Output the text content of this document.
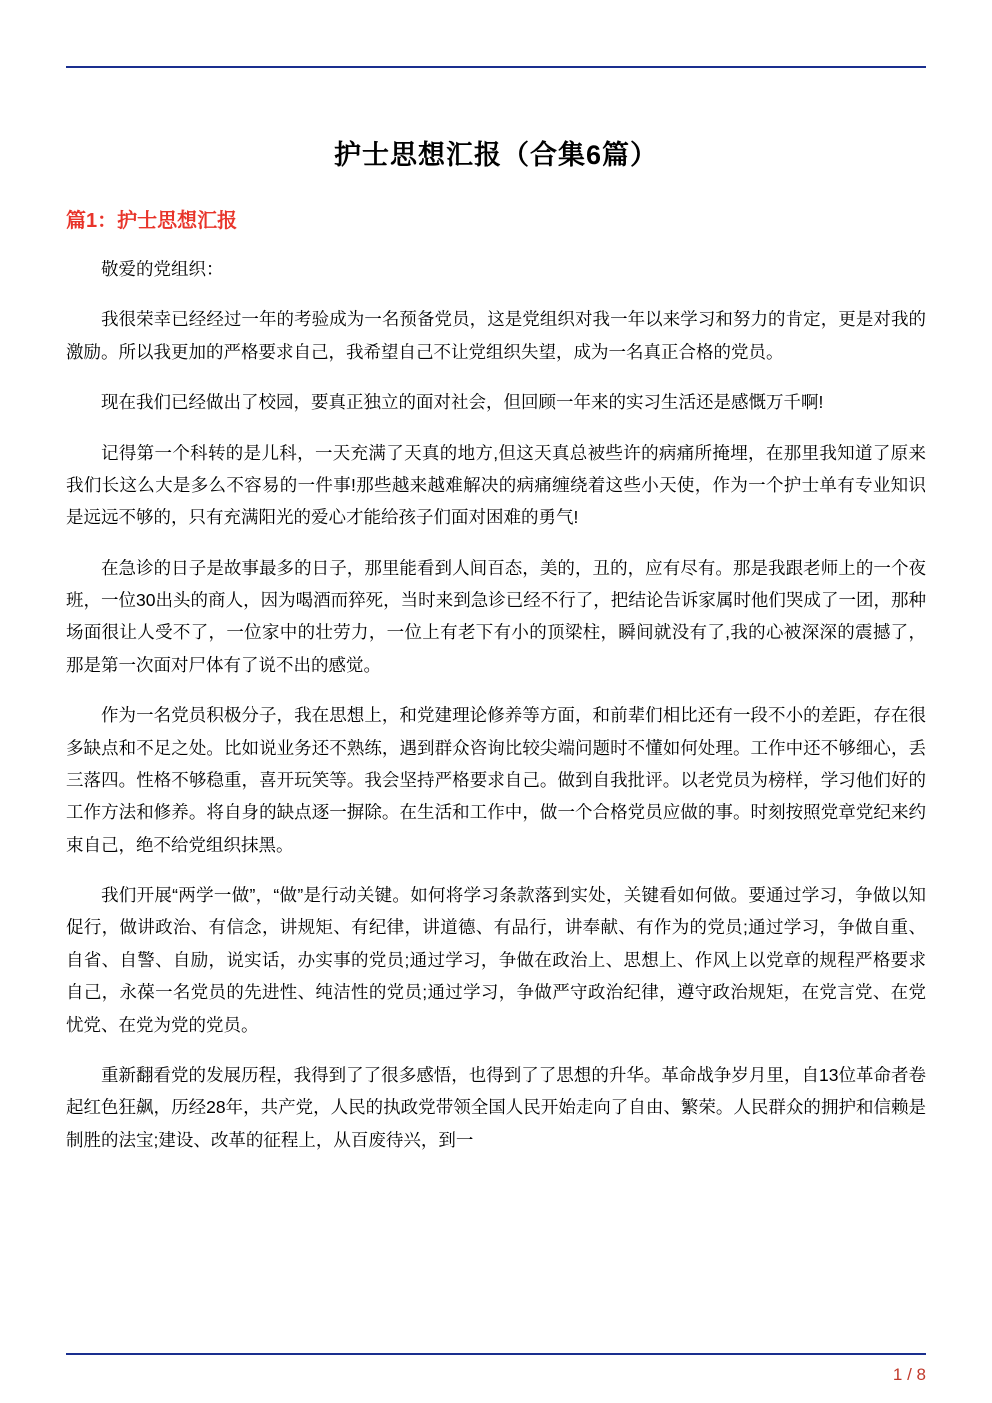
护士思想汇报（合集6篇）
篇1：护士思想汇报

敬爱的党组织：

我很荣幸已经经过一年的考验成为一名预备党员，这是党组织对我一年以来学习和努力的肯定，更是对我的激励。所以我更加的严格要求自己，我希望自己不让党组织失望，成为一名真正合格的党员。

现在我们已经做出了校园，要真正独立的面对社会，但回顾一年来的实习生活还是感慨万千啊!

记得第一个科转的是儿科，一天充满了天真的地方,但这天真总被些许的病痛所掩埋，在那里我知道了原来我们长这么大是多么不容易的一件事!那些越来越难解决的病痛缠绕着这些小天使，作为一个护士单有专业知识是远远不够的，只有充满阳光的爱心才能给孩子们面对困难的勇气!

在急诊的日子是故事最多的日子，那里能看到人间百态，美的，丑的，应有尽有。那是我跟老师上的一个夜班，一位30出头的商人，因为喝酒而猝死，当时来到急诊已经不行了，把结论告诉家属时他们哭成了一团，那种场面很让人受不了，一位家中的壮劳力，一位上有老下有小的顶梁柱，瞬间就没有了,我的心被深深的震撼了，那是第一次面对尸体有了说不出的感觉。

作为一名党员积极分子，我在思想上，和党建理论修养等方面，和前辈们相比还有一段不小的差距，存在很多缺点和不足之处。比如说业务还不熟练，遇到群众咨询比较尖端问题时不懂如何处理。工作中还不够细心，丢三落四。性格不够稳重，喜开玩笑等。我会坚持严格要求自己。做到自我批评。以老党员为榜样，学习他们好的工作方法和修养。将自身的缺点逐一摒除。在生活和工作中，做一个合格党员应做的事。时刻按照党章党纪来约束自己，绝不给党组织抹黑。

我们开展“两学一做”，“做”是行动关键。如何将学习条款落到实处，关键看如何做。要通过学习，争做以知促行，做讲政治、有信念，讲规矩、有纪律，讲道德、有品行，讲奉献、有作为的党员;通过学习，争做自重、自省、自警、自励，说实话，办实事的党员;通过学习，争做在政治上、思想上、作风上以党章的规程严格要求自己，永葆一名党员的先进性、纯洁性的党员;通过学习，争做严守政治纪律，遵守政治规矩，在党言党、在党忧党、在党为党的党员。

重新翻看党的发展历程，我得到了了很多感悟，也得到了了思想的升华。革命战争岁月里，自13位革命者卷起红色狂飙，历经28年，共产党，人民的执政党带领全国人民开始走向了自由、繁荣。人民群众的拥护和信赖是制胜的法宝;建设、改革的征程上，从百废待兴，到一

1 / 8
